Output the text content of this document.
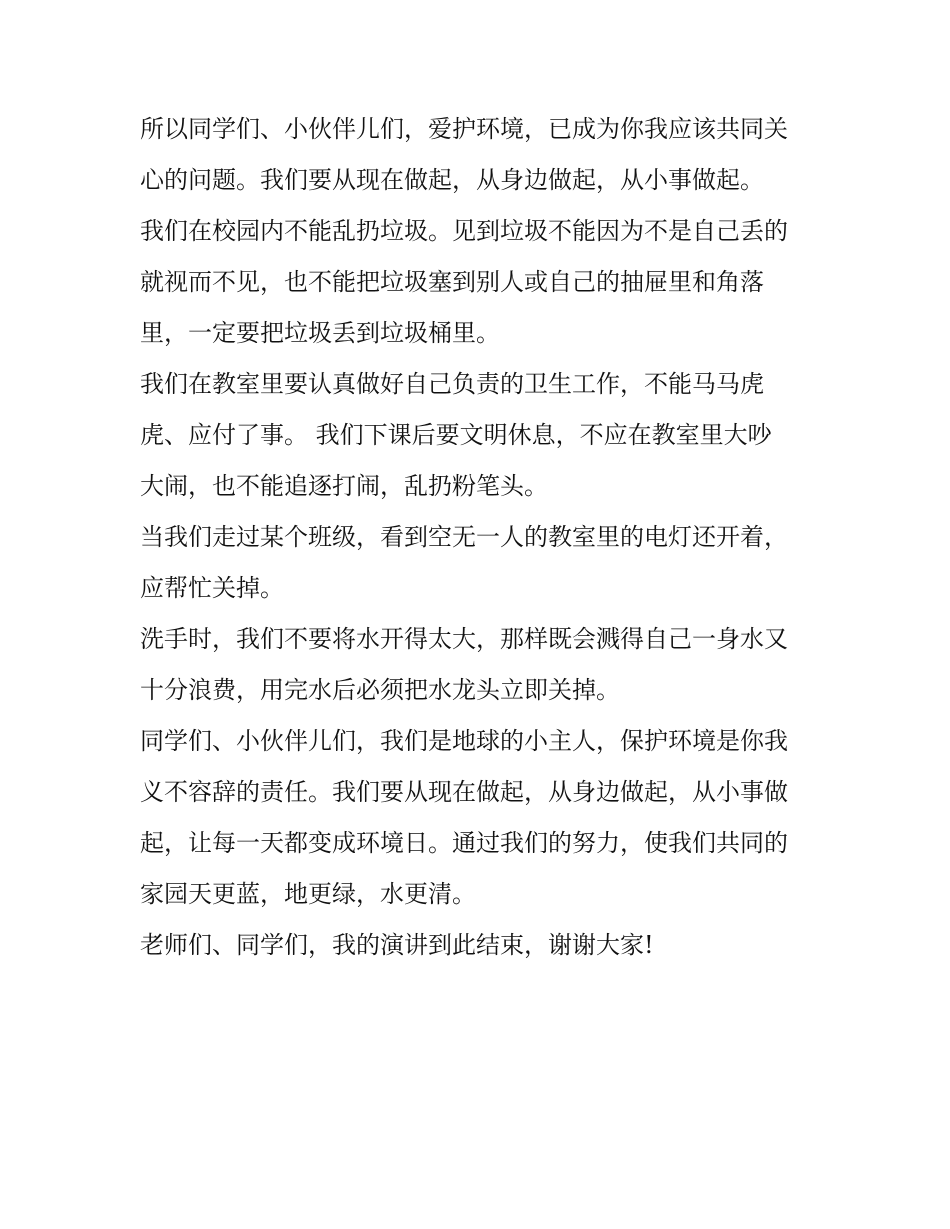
所以同学们、小伙伴儿们，爱护环境，已成为你我应该共同关
心的问题。我们要从现在做起，从身边做起，从小事做起。
我们在校园内不能乱扔垃圾。见到垃圾不能因为不是自己丢的
就视而不见，也不能把垃圾塞到别人或自己的抽屉里和角落
里，一定要把垃圾丢到垃圾桶里。
我们在教室里要认真做好自己负责的卫生工作，不能马马虎
虎、应付了事。 我们下课后要文明休息，不应在教室里大吵
大闹，也不能追逐打闹，乱扔粉笔头。
当我们走过某个班级，看到空无一人的教室里的电灯还开着，
应帮忙关掉。
洗手时，我们不要将水开得太大，那样既会溅得自己一身水又
十分浪费，用完水后必须把水龙头立即关掉。
同学们、小伙伴儿们，我们是地球的小主人，保护环境是你我
义不容辞的责任。我们要从现在做起，从身边做起，从小事做
起，让每一天都变成环境日。通过我们的努力，使我们共同的
家园天更蓝，地更绿，水更清。
老师们、同学们，我的演讲到此结束，谢谢大家!
